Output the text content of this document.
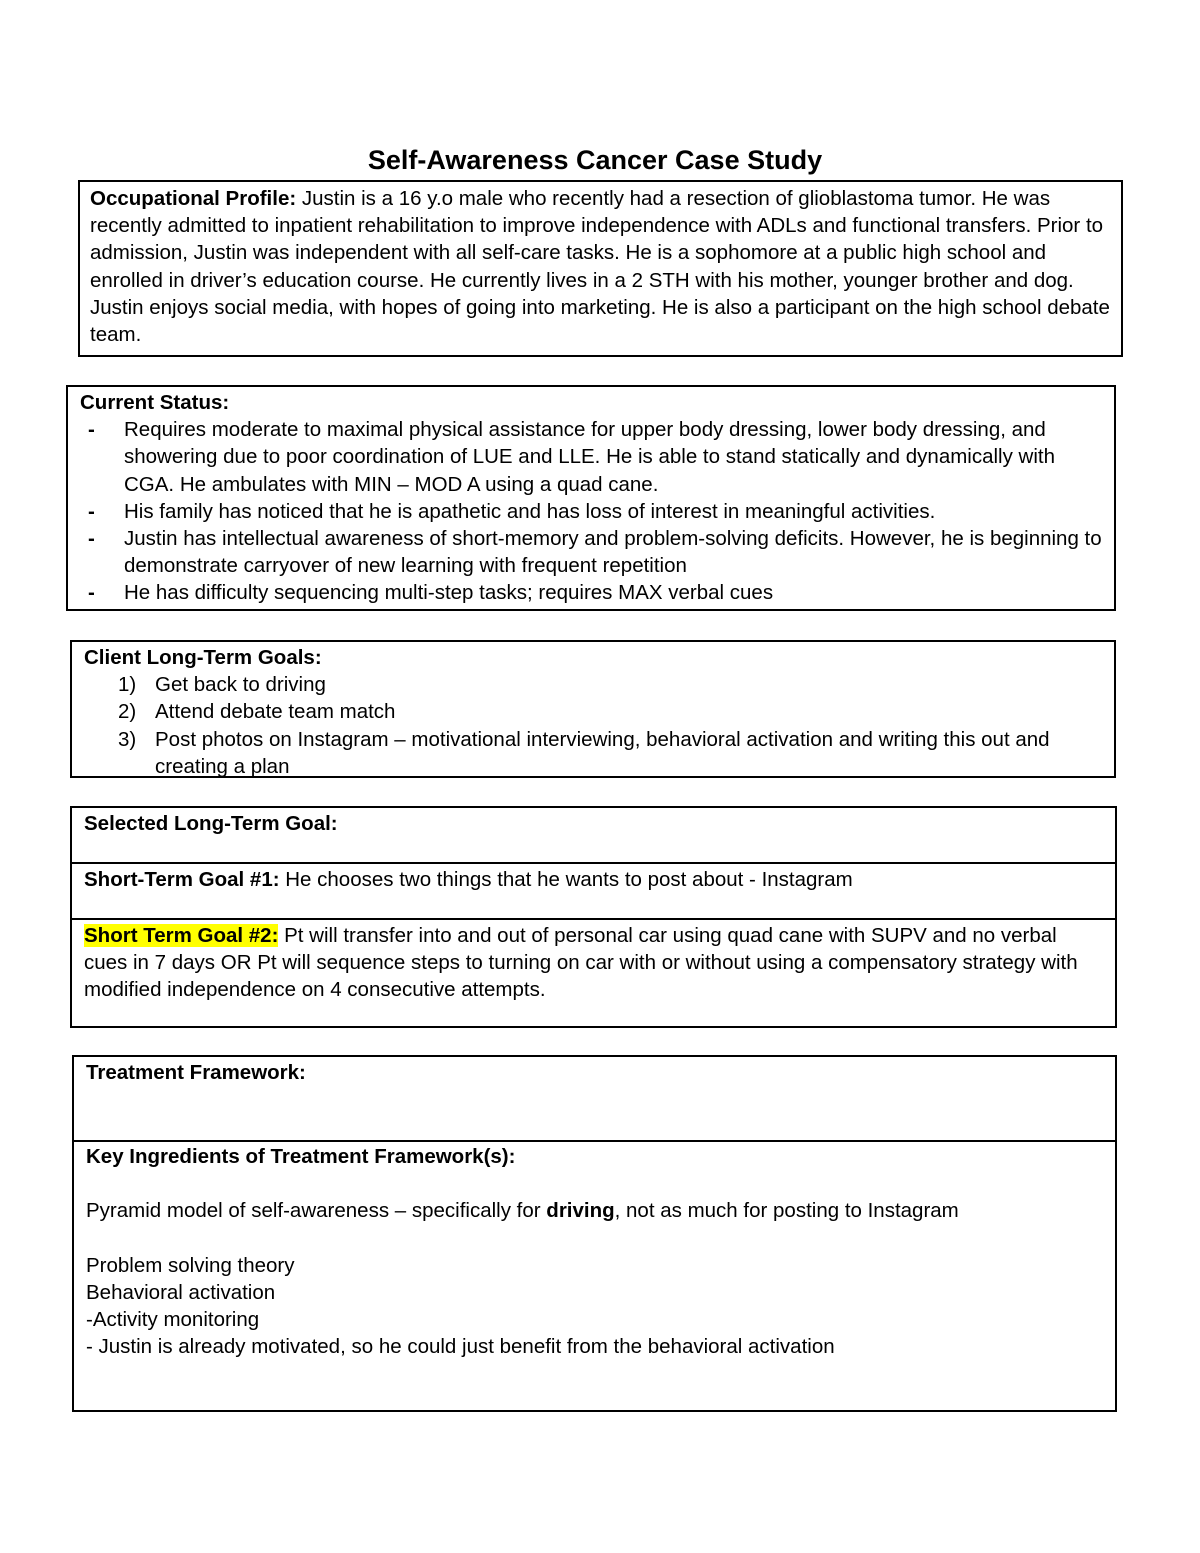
Self-Awareness Cancer Case Study
Occupational Profile: Justin is a 16 y.o male who recently had a resection of glioblastoma tumor. He was recently admitted to inpatient rehabilitation to improve independence with ADLs and functional transfers. Prior to admission, Justin was independent with all self-care tasks. He is a sophomore at a public high school and enrolled in driver’s education course. He currently lives in a 2 STH with his mother, younger brother and dog. Justin enjoys social media, with hopes of going into marketing. He is also a participant on the high school debate team.
Current Status:
- Requires moderate to maximal physical assistance for upper body dressing, lower body dressing, and showering due to poor coordination of LUE and LLE. He is able to stand statically and dynamically with CGA. He ambulates with MIN – MOD A using a quad cane.
- His family has noticed that he is apathetic and has loss of interest in meaningful activities.
- Justin has intellectual awareness of short-memory and problem-solving deficits. However, he is beginning to demonstrate carryover of new learning with frequent repetition
- He has difficulty sequencing multi-step tasks; requires MAX verbal cues
Client Long-Term Goals:
1) Get back to driving
2) Attend debate team match
3) Post photos on Instagram – motivational interviewing, behavioral activation and writing this out and creating a plan
Selected Long-Term Goal:
Short-Term Goal #1: He chooses two things that he wants to post about - Instagram
Short Term Goal #2: Pt will transfer into and out of personal car using quad cane with SUPV and no verbal cues in 7 days OR Pt will sequence steps to turning on car with or without using a compensatory strategy with modified independence on 4 consecutive attempts.
Treatment Framework:
Key Ingredients of Treatment Framework(s):
Pyramid model of self-awareness – specifically for driving, not as much for posting to Instagram
Problem solving theory
Behavioral activation
-Activity monitoring
- Justin is already motivated, so he could just benefit from the behavioral activation
